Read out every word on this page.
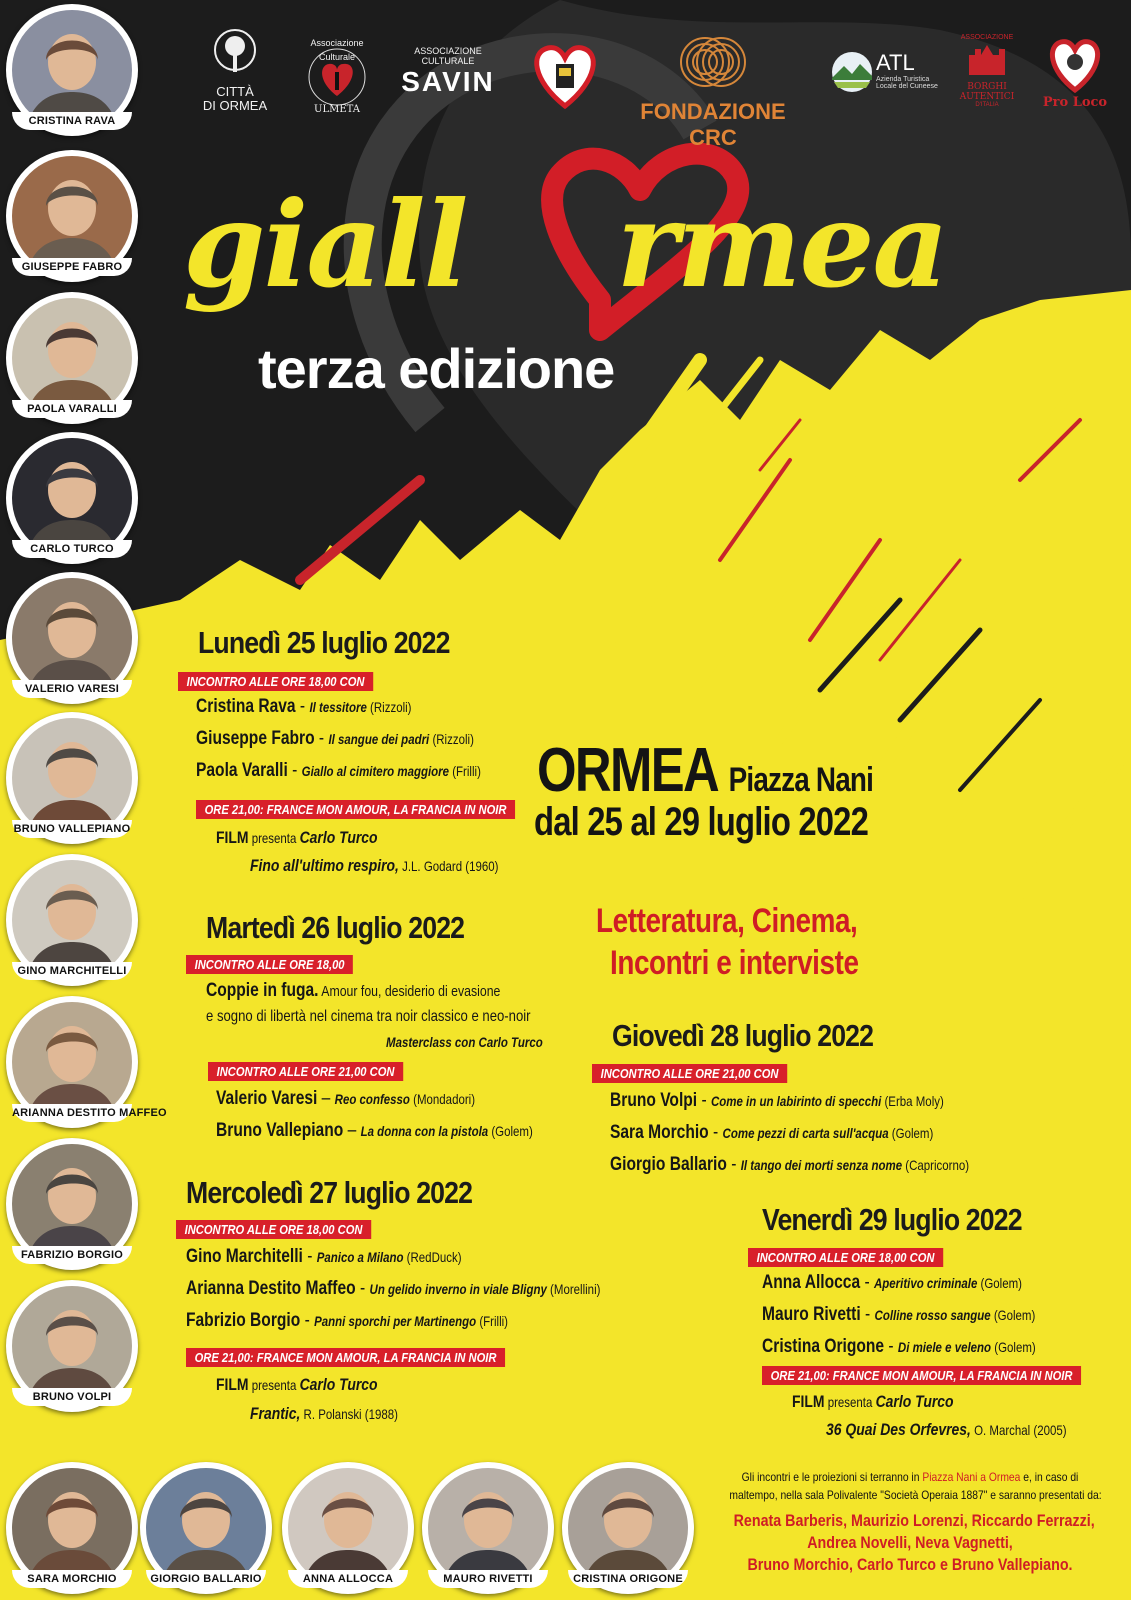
CITTÀ
DI ORMEA
Associazione Culturale
ULMETA
ASSOCIAZIONE CULTURALE
SAVIN
FONDAZIONE CRC
ATL
Azienda Turistica Locale del Cuneese
ASSOCIAZIONE
BORGHI AUTENTICI
D'ITALIA	Pro Loco
giall rmea
terza edizione
CRISTINA RAVA
GIUSEPPE FABRO
PAOLA VARALLI
CARLO TURCO
VALERIO VARESI
BRUNO VALLEPIANO
GINO MARCHITELLI
ARIANNA DESTITO MAFFEO
FABRIZIO BORGIO
BRUNO VOLPI
SARA MORCHIO	GIORGIO BALLARIO	ANNA ALLOCCA	MAURO RIVETTI	CRISTINA ORIGONE
Lunedì 25 luglio 2022
INCONTRO ALLE ORE 18,00 CON
Cristina Rava - Il tessitore (Rizzoli)
Giuseppe Fabro - Il sangue dei padri (Rizzoli)
Paola Varalli - Giallo al cimitero maggiore (Frilli)
ORE 21,00: FRANCE MON AMOUR, LA FRANCIA IN NOIR
FILM presenta Carlo Turco
Fino all'ultimo respiro, J.L. Godard (1960)
Martedì 26 luglio 2022
INCONTRO ALLE ORE 18,00
Coppie in fuga. Amour fou, desiderio di evasione
e sogno di libertà nel cinema tra noir classico e neo-noir
Masterclass con Carlo Turco
INCONTRO ALLE ORE 21,00 CON
Valerio Varesi – Reo confesso (Mondadori)
Bruno Vallepiano – La donna con la pistola (Golem)
Mercoledì 27 luglio 2022
INCONTRO ALLE ORE 18,00 CON
Gino Marchitelli - Panico a Milano (RedDuck)
Arianna Destito Maffeo - Un gelido inverno in viale Bligny (Morellini)
Fabrizio Borgio - Panni sporchi per Martinengo (Frilli)
ORE 21,00: FRANCE MON AMOUR, LA FRANCIA IN NOIR
FILM presenta Carlo Turco
Frantic, R. Polanski (1988)
ORMEA Piazza Nani
dal 25 al 29 luglio 2022
Letteratura, Cinema,
Incontri e interviste
Giovedì 28 luglio 2022
INCONTRO ALLE ORE 21,00 CON
Bruno Volpi - Come in un labirinto di specchi (Erba Moly)
Sara Morchio - Come pezzi di carta sull'acqua (Golem)
Giorgio Ballario - Il tango dei morti senza nome (Capricorno)
Venerdì 29 luglio 2022
INCONTRO ALLE ORE 18,00 CON
Anna Allocca - Aperitivo criminale (Golem)
Mauro Rivetti - Colline rosso sangue (Golem)
Cristina Origone - Di miele e veleno (Golem)
ORE 21,00: FRANCE MON AMOUR, LA FRANCIA IN NOIR
FILM presenta Carlo Turco
36 Quai Des Orfevres, O. Marchal (2005)
Gli incontri e le proiezioni si terranno in Piazza Nani a Ormea e, in caso di
maltempo, nella sala Polivalente "Società Operaia 1887" e saranno presentati da:
Renata Barberis, Maurizio Lorenzi, Riccardo Ferrazzi,
Andrea Novelli, Neva Vagnetti,
Bruno Morchio, Carlo Turco e Bruno Vallepiano.
